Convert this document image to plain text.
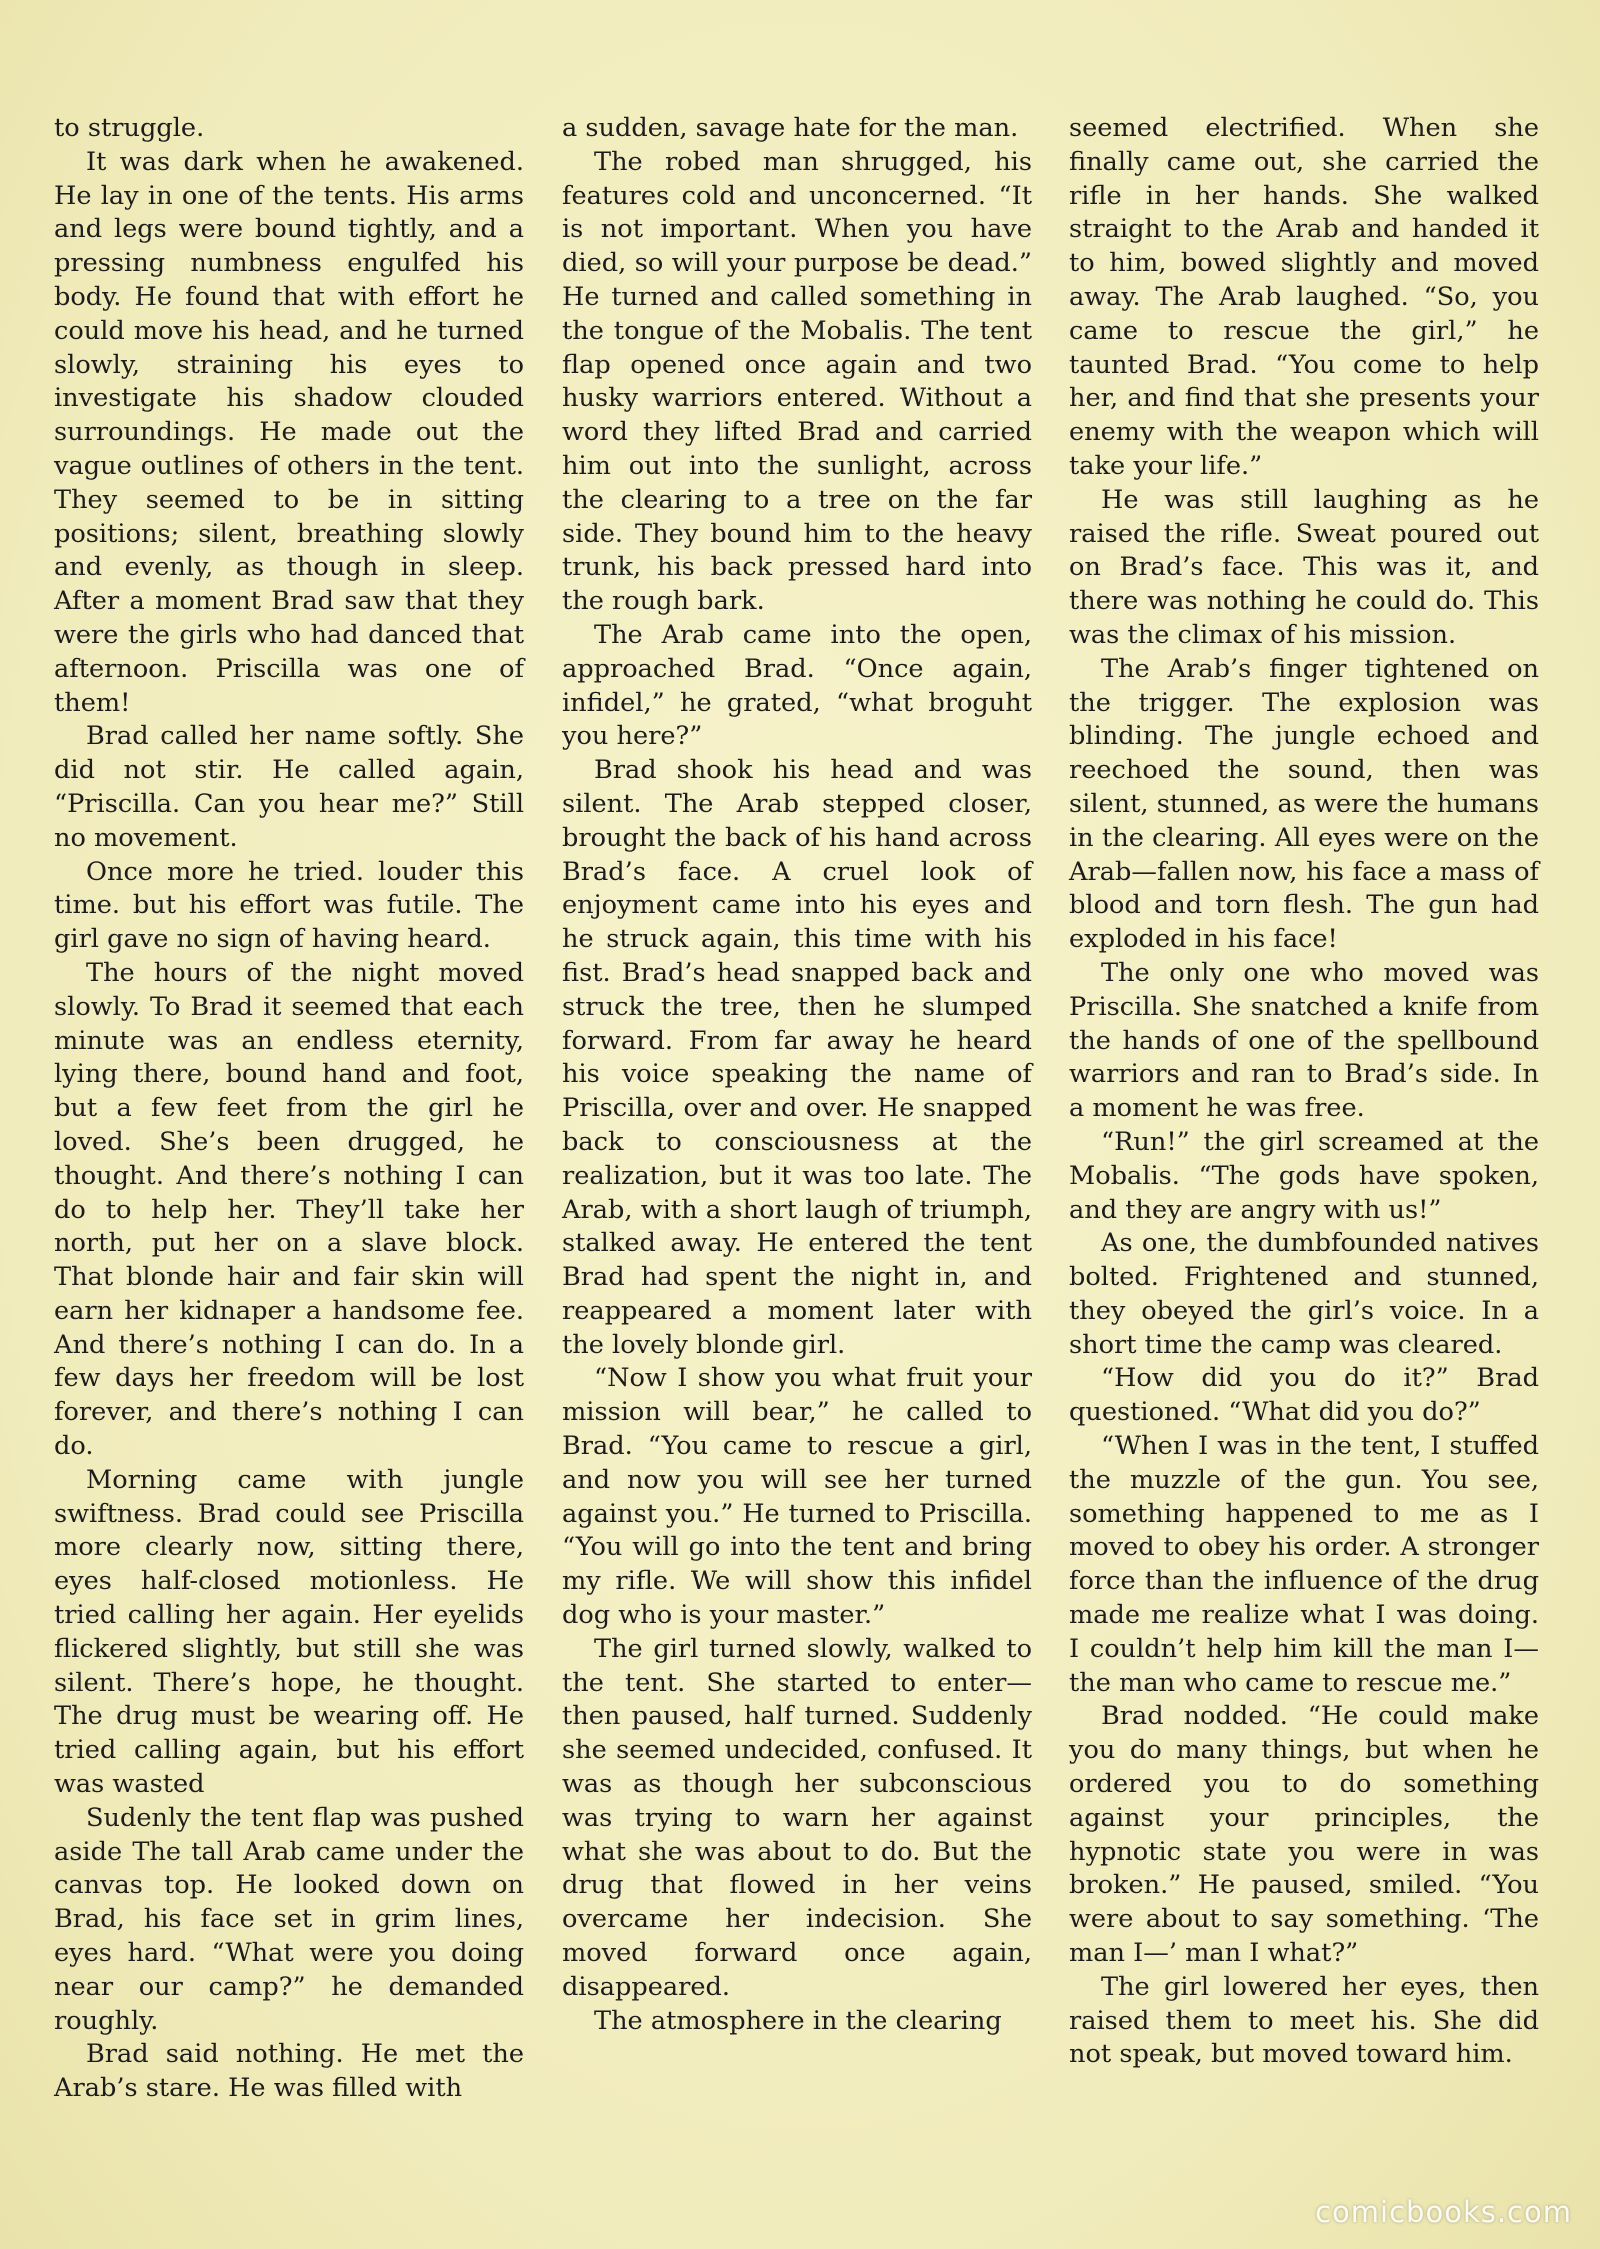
to struggle.

It was dark when he awakened. He lay in one of the tents. His arms and legs were bound tightly, and a pressing numbness engulfed his body. He found that with effort he could move his head, and he turned slowly, straining his eyes to investigate his shadow clouded surroundings. He made out the vague outlines of others in the tent. They seemed to be in sitting positions; silent, breathing slowly and evenly, as though in sleep. After a moment Brad saw that they were the girls who had danced that afternoon. Priscilla was one of them!

Brad called her name softly. She did not stir. He called again, “Priscilla. Can you hear me?” Still no movement.

Once more he tried. louder this time. but his effort was futile. The girl gave no sign of having heard.

The hours of the night moved slowly. To Brad it seemed that each minute was an endless eternity, lying there, bound hand and foot, but a few feet from the girl he loved. She’s been drugged, he thought. And there’s nothing I can do to help her. They’ll take her north, put her on a slave block. That blonde hair and fair skin will earn her kidnaper a handsome fee. And there’s nothing I can do. In a few days her freedom will be lost forever, and there’s nothing I can do.

Morning came with jungle swiftness. Brad could see Priscilla more clearly now, sitting there, eyes half-closed motionless. He tried calling her again. Her eyelids flickered slightly, but still she was silent. There’s hope, he thought. The drug must be wearing off. He tried calling again, but his effort was wasted

Sudenly the tent flap was pushed aside The tall Arab came under the canvas top. He looked down on Brad, his face set in grim lines, eyes hard. “What were you doing near our camp?” he demanded roughly.

Brad said nothing. He met the Arab’s stare. He was filled with

a sudden, savage hate for the man.

The robed man shrugged, his features cold and unconcerned. “It is not important. When you have died, so will your purpose be dead.” He turned and called something in the tongue of the Mobalis. The tent flap opened once again and two husky warriors entered. Without a word they lifted Brad and carried him out into the sunlight, across the clearing to a tree on the far side. They bound him to the heavy trunk, his back pressed hard into the rough bark.

The Arab came into the open, approached Brad. “Once again, infidel,” he grated, “what broguht you here?”

Brad shook his head and was silent. The Arab stepped closer, brought the back of his hand across Brad’s face. A cruel look of enjoyment came into his eyes and he struck again, this time with his fist. Brad’s head snapped back and struck the tree, then he slumped forward. From far away he heard his voice speaking the name of Priscilla, over and over. He snapped back to consciousness at the realization, but it was too late. The Arab, with a short laugh of triumph, stalked away. He entered the tent Brad had spent the night in, and reappeared a moment later with the lovely blonde girl.

“Now I show you what fruit your mission will bear,” he called to Brad. “You came to rescue a girl, and now you will see her turned against you.” He turned to Priscilla. “You will go into the tent and bring my rifle. We will show this infidel dog who is your master.”

The girl turned slowly, walked to the tent. She started to enter— then paused, half turned. Suddenly she seemed undecided, confused. It was as though her subconscious was trying to warn her against what she was about to do. But the drug that flowed in her veins overcame her indecision. She moved forward once again, disappeared.

The atmosphere in the clearing

seemed electrified. When she finally came out, she carried the rifle in her hands. She walked straight to the Arab and handed it to him, bowed slightly and moved away. The Arab laughed. “So, you came to rescue the girl,” he taunted Brad. “You come to help her, and find that she presents your enemy with the weapon which will take your life.”

He was still laughing as he raised the rifle. Sweat poured out on Brad’s face. This was it, and there was nothing he could do. This was the climax of his mission.

The Arab’s finger tightened on the trigger. The explosion was blinding. The jungle echoed and reechoed the sound, then was silent, stunned, as were the humans in the clearing. All eyes were on the Arab—fallen now, his face a mass of blood and torn flesh. The gun had exploded in his face!

The only one who moved was Priscilla. She snatched a knife from the hands of one of the spellbound warriors and ran to Brad’s side. In a moment he was free.

“Run!” the girl screamed at the Mobalis. “The gods have spoken, and they are angry with us!”

As one, the dumbfounded natives bolted. Frightened and stunned, they obeyed the girl’s voice. In a short time the camp was cleared.

“How did you do it?” Brad questioned. “What did you do?”

“When I was in the tent, I stuffed the muzzle of the gun. You see, something happened to me as I moved to obey his order. A stronger force than the influence of the drug made me realize what I was doing. I couldn’t help him kill the man I—the man who came to rescue me.”

Brad nodded. “He could make you do many things, but when he ordered you to do something against your principles, the hypnotic state you were in was broken.” He paused, smiled. “You were about to say something. ‘The man I—’ man I what?”

The girl lowered her eyes, then raised them to meet his. She did not speak, but moved toward him.

comicbooks.com
